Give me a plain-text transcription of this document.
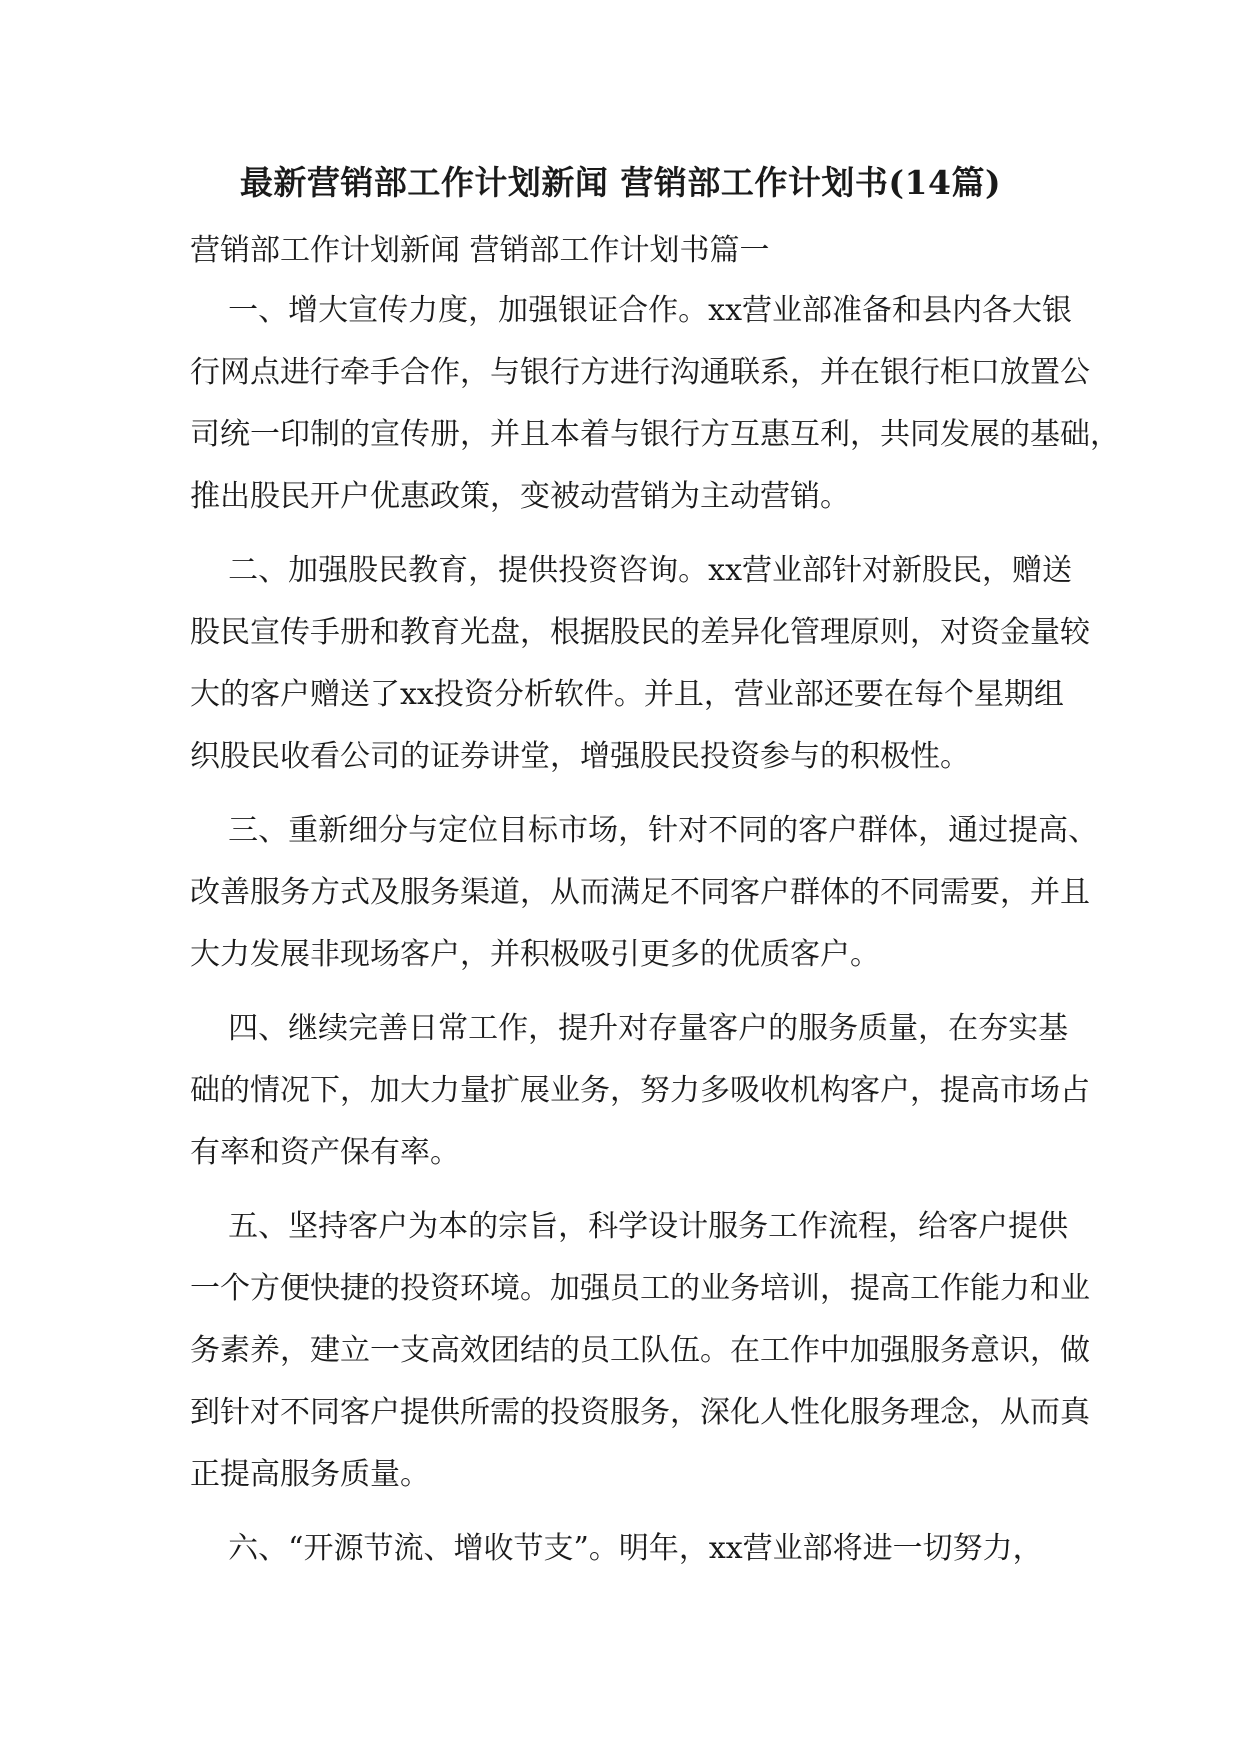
最新营销部工作计划新闻 营销部工作计划书(14篇)
营销部工作计划新闻 营销部工作计划书篇一
一、增大宣传力度，加强银证合作。xx营业部准备和县内各大银
行网点进行牵手合作，与银行方进行沟通联系，并在银行柜口放置公
司统一印制的宣传册，并且本着与银行方互惠互利，共同发展的基础，
推出股民开户优惠政策，变被动营销为主动营销。
二、加强股民教育，提供投资咨询。xx营业部针对新股民，赠送
股民宣传手册和教育光盘，根据股民的差异化管理原则，对资金量较
大的客户赠送了xx投资分析软件。并且，营业部还要在每个星期组
织股民收看公司的证券讲堂，增强股民投资参与的积极性。
三、重新细分与定位目标市场，针对不同的客户群体，通过提高、
改善服务方式及服务渠道，从而满足不同客户群体的不同需要，并且
大力发展非现场客户，并积极吸引更多的优质客户。
四、继续完善日常工作，提升对存量客户的服务质量，在夯实基
础的情况下，加大力量扩展业务，努力多吸收机构客户，提高市场占
有率和资产保有率。
五、坚持客户为本的宗旨，科学设计服务工作流程，给客户提供
一个方便快捷的投资环境。加强员工的业务培训，提高工作能力和业
务素养，建立一支高效团结的员工队伍。在工作中加强服务意识，做
到针对不同客户提供所需的投资服务，深化人性化服务理念，从而真
正提高服务质量。
六、“开源节流、增收节支”。明年，xx营业部将进一切努力，
